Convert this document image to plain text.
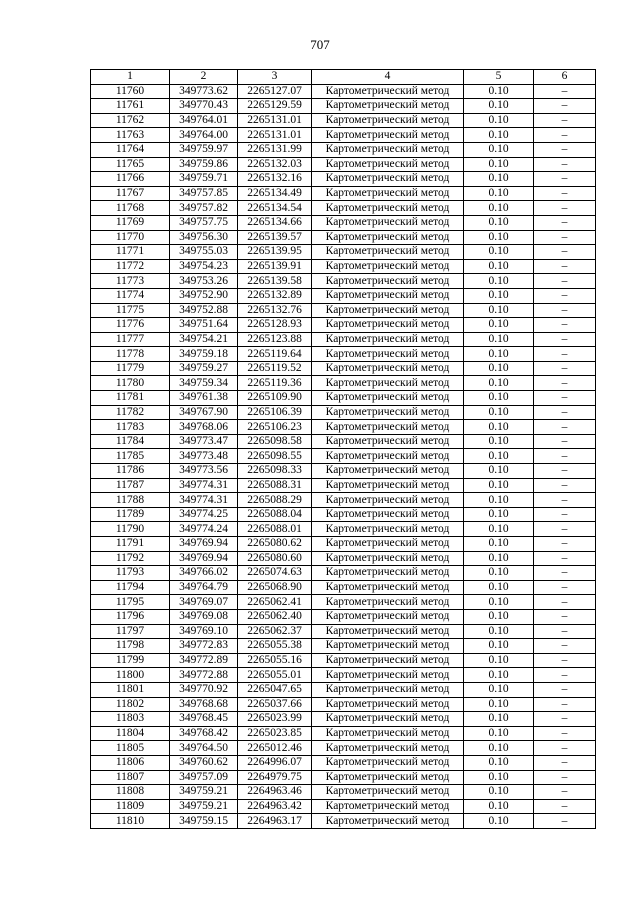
707
1	2	3	4	5	6
11760	349773.62	2265127.07	Картометрический метод	0.10	–
11761	349770.43	2265129.59	Картометрический метод	0.10	–
11762	349764.01	2265131.01	Картометрический метод	0.10	–
11763	349764.00	2265131.01	Картометрический метод	0.10	–
11764	349759.97	2265131.99	Картометрический метод	0.10	–
11765	349759.86	2265132.03	Картометрический метод	0.10	–
11766	349759.71	2265132.16	Картометрический метод	0.10	–
11767	349757.85	2265134.49	Картометрический метод	0.10	–
11768	349757.82	2265134.54	Картометрический метод	0.10	–
11769	349757.75	2265134.66	Картометрический метод	0.10	–
11770	349756.30	2265139.57	Картометрический метод	0.10	–
11771	349755.03	2265139.95	Картометрический метод	0.10	–
11772	349754.23	2265139.91	Картометрический метод	0.10	–
11773	349753.26	2265139.58	Картометрический метод	0.10	–
11774	349752.90	2265132.89	Картометрический метод	0.10	–
11775	349752.88	2265132.76	Картометрический метод	0.10	–
11776	349751.64	2265128.93	Картометрический метод	0.10	–
11777	349754.21	2265123.88	Картометрический метод	0.10	–
11778	349759.18	2265119.64	Картометрический метод	0.10	–
11779	349759.27	2265119.52	Картометрический метод	0.10	–
11780	349759.34	2265119.36	Картометрический метод	0.10	–
11781	349761.38	2265109.90	Картометрический метод	0.10	–
11782	349767.90	2265106.39	Картометрический метод	0.10	–
11783	349768.06	2265106.23	Картометрический метод	0.10	–
11784	349773.47	2265098.58	Картометрический метод	0.10	–
11785	349773.48	2265098.55	Картометрический метод	0.10	–
11786	349773.56	2265098.33	Картометрический метод	0.10	–
11787	349774.31	2265088.31	Картометрический метод	0.10	–
11788	349774.31	2265088.29	Картометрический метод	0.10	–
11789	349774.25	2265088.04	Картометрический метод	0.10	–
11790	349774.24	2265088.01	Картометрический метод	0.10	–
11791	349769.94	2265080.62	Картометрический метод	0.10	–
11792	349769.94	2265080.60	Картометрический метод	0.10	–
11793	349766.02	2265074.63	Картометрический метод	0.10	–
11794	349764.79	2265068.90	Картометрический метод	0.10	–
11795	349769.07	2265062.41	Картометрический метод	0.10	–
11796	349769.08	2265062.40	Картометрический метод	0.10	–
11797	349769.10	2265062.37	Картометрический метод	0.10	–
11798	349772.83	2265055.38	Картометрический метод	0.10	–
11799	349772.89	2265055.16	Картометрический метод	0.10	–
11800	349772.88	2265055.01	Картометрический метод	0.10	–
11801	349770.92	2265047.65	Картометрический метод	0.10	–
11802	349768.68	2265037.66	Картометрический метод	0.10	–
11803	349768.45	2265023.99	Картометрический метод	0.10	–
11804	349768.42	2265023.85	Картометрический метод	0.10	–
11805	349764.50	2265012.46	Картометрический метод	0.10	–
11806	349760.62	2264996.07	Картометрический метод	0.10	–
11807	349757.09	2264979.75	Картометрический метод	0.10	–
11808	349759.21	2264963.46	Картометрический метод	0.10	–
11809	349759.21	2264963.42	Картометрический метод	0.10	–
11810	349759.15	2264963.17	Картометрический метод	0.10	–
